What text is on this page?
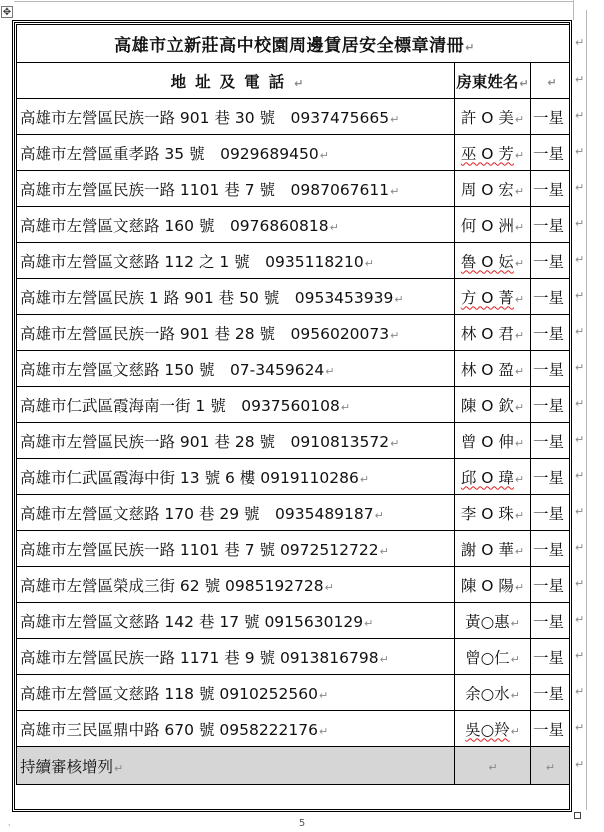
✥
高雄市立新莊高中校園周邊賃居安全標章清冊↵		
地址及電話↵	房東姓名↵	↵
高雄市左營區民族一路 901 巷 30 號　0937475665↵	許 O 美↵	一星
高雄市左營區重孝路 35 號　0929689450↵	巫 O 芳↵	一星
高雄市左營區民族一路 1101 巷 7 號　0987067611↵	周 O 宏↵	一星
高雄市左營區文慈路 160 號　0976860818↵	何 O 洲↵	一星
高雄市左營區文慈路 112 之 1 號　0935118210↵	魯 O 妘↵	一星
高雄市左營區民族 1 路 901 巷 50 號　0953453939↵	方 O 菁↵	一星
高雄市左營區民族一路 901 巷 28 號　0956020073↵	林 O 君↵	一星
高雄市左營區文慈路 150 號　07-3459624↵	林 O 盈↵	一星
高雄市仁武區霞海南一街 1 號　0937560108↵	陳 O 欽↵	一星
高雄市左營區民族一路 901 巷 28 號　0910813572↵	曾 O 伸↵	一星
高雄市仁武區霞海中街 13 號 6 樓 0919110286↵	邱 O 瑋↵	一星
高雄市左營區文慈路 170 巷 29 號　0935489187↵	李 O 珠↵	一星
高雄市左營區民族一路 1101 巷 7 號 0972512722↵	謝 O 華↵	一星
高雄市左營區榮成三街 62 號 0985192728↵	陳 O 陽↵	一星
高雄市左營區文慈路 142 巷 17 號 0915630129↵	黃○惠↵	一星
高雄市左營區民族一路 1171 巷 9 號 0913816798↵	曾○仁↵	一星
高雄市左營區文慈路 118 號 0910252560↵	余○水↵	一星
高雄市三民區鼎中路 670 號 0958222176↵	吳○羚↵	一星
持續審核增列↵	↵	↵
5
⸱
↵
↵
↵
↵
↵
↵
↵
↵
↵
↵
↵
↵
↵
↵
↵
↵
↵
↵
↵
↵
↵
